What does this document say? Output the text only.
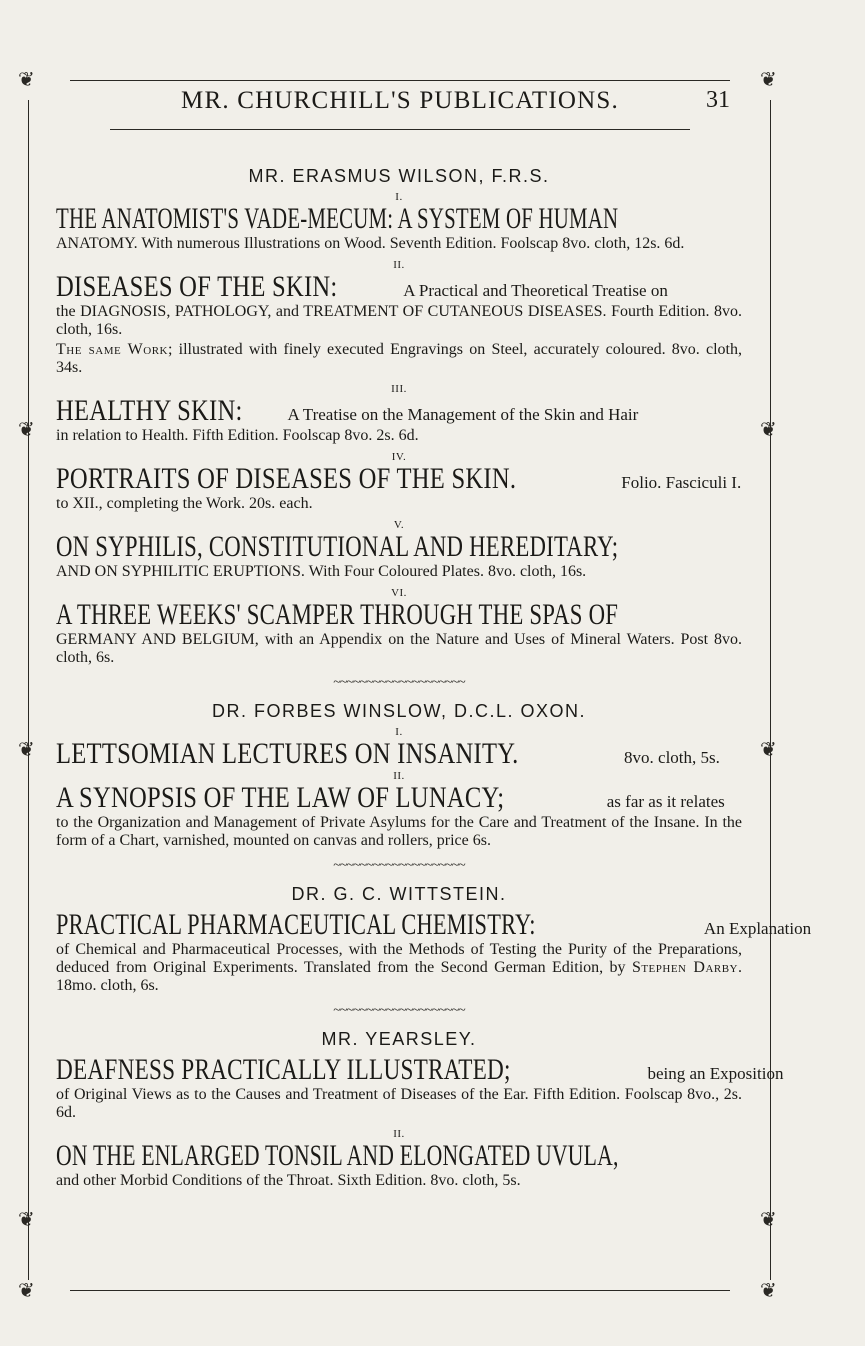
❦	❦
❦
❦
❦
❦
❦
❦
❦	❦
MR. CHURCHILL'S PUBLICATIONS.	31

MR. ERASMUS WILSON, F.R.S.

I.

THE ANATOMIST'S VADE-MECUM: A SYSTEM OF HUMAN

ANATOMY. With numerous Illustrations on Wood. Seventh Edition. Foolscap 8vo. cloth, 12s. 6d.

II.

DISEASES OF THE SKIN:	A Practical and Theoretical Treatise on

the DIAGNOSIS, PATHOLOGY, and TREATMENT OF CUTANEOUS DISEASES. Fourth Edition. 8vo. cloth, 16s.

The same Work; illustrated with finely executed Engravings on Steel, accurately coloured. 8vo. cloth, 34s.

III.

HEALTHY SKIN:	A Treatise on the Management of the Skin and Hair

in relation to Health. Fifth Edition. Foolscap 8vo. 2s. 6d.

IV.

PORTRAITS OF DISEASES OF THE SKIN.	Folio. Fasciculi I.

to XII., completing the Work. 20s. each.

V.

ON SYPHILIS, CONSTITUTIONAL AND HEREDITARY;

AND ON SYPHILITIC ERUPTIONS. With Four Coloured Plates. 8vo. cloth, 16s.

VI.

A THREE WEEKS' SCAMPER THROUGH THE SPAS OF

GERMANY AND BELGIUM, with an Appendix on the Nature and Uses of Mineral Waters. Post 8vo. cloth, 6s.

~~~~~~~~~~~~~~~~~~~~

DR. FORBES WINSLOW, D.C.L. OXON.

I.

LETTSOMIAN LECTURES ON INSANITY.	8vo. cloth, 5s.

II.

A SYNOPSIS OF THE LAW OF LUNACY;	as far as it relates

to the Organization and Management of Private Asylums for the Care and Treatment of the Insane. In the form of a Chart, varnished, mounted on canvas and rollers, price 6s.

~~~~~~~~~~~~~~~~~~~~

DR. G. C. WITTSTEIN.

PRACTICAL PHARMACEUTICAL CHEMISTRY:	An Explanation

of Chemical and Pharmaceutical Processes, with the Methods of Testing the Purity of the Preparations, deduced from Original Experiments. Translated from the Second German Edition, by Stephen Darby. 18mo. cloth, 6s.

~~~~~~~~~~~~~~~~~~~~

MR. YEARSLEY.

DEAFNESS PRACTICALLY ILLUSTRATED;	being an Exposition

of Original Views as to the Causes and Treatment of Diseases of the Ear. Fifth Edition. Foolscap 8vo., 2s. 6d.

II.

ON THE ENLARGED TONSIL AND ELONGATED UVULA,

and other Morbid Conditions of the Throat. Sixth Edition. 8vo. cloth, 5s.
